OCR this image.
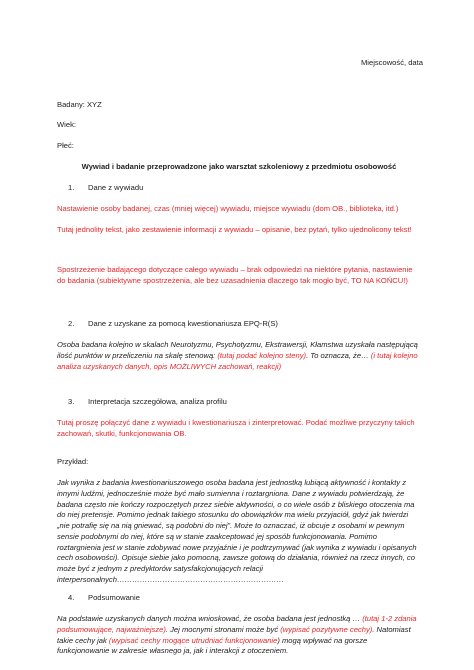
Miejscowość, data
Badany: XYZ
Wiek:
Płeć:
Wywiad i badanie przeprowadzone jako warsztat szkoleniowy z przedmiotu osobowość
1. Dane z wywiadu

Nastawienie osoby badanej, czas (mniej więcej) wywiadu, miejsce wywiadu (dom OB., biblioteka, itd.)

Tutaj jednolity tekst, jako zestawienie informacji z wywiadu – opisanie, bez pytań, tylko ujednolicony tekst!

Spostrzeżenie badającego dotyczące całego wywiadu – brak odpowiedzi na niektóre pytania, nastawienie do badania (subiektywne spostrzeżenia, ale bez uzasadnienia dlaczego tak mogło być, TO NA KOŃCU!)

2. Dane z uzyskane za pomocą kwestionariusza EPQ-R(S)

Osoba badana kolejno w skalach Neurotyzmu, Psychotyzmu, Ekstrawersji, Kłamstwa uzyskała następującą ilość punktów w przeliczeniu na skalę stenową: (tutaj podać kolejno steny). To oznacza, że… (i tutaj kolejno analiza uzyskanych danych, opis MOŻLIWYCH zachowań, reakcji)

3. Interpretacja szczegółowa, analiza profilu

Tutaj proszę połączyć dane z wywiadu i kwestionariusza i zinterpretować. Podać możliwe przyczyny takich zachowań, skutki, funkcjonowania OB.

Przykład:

Jak wynika z badania kwestionariuszowego osoba badana jest jednostką lubiącą aktywność i kontakty z innymi ludźmi, jednocześnie może być mało sumienna i roztargniona. Dane z wywiadu potwierdzają, że badana często nie kończy rozpoczętych przez siebie aktywności, o co wiele osób z bliskiego otoczenia ma do niej pretensje. Pomimo jednak takiego stosunku do obowiązków ma wielu przyjaciół, gdyż jak twierdzi „nie potrafię się na nią gniewać, są podobni do niej”. Może to oznaczać, iż obcuje z osobami w pewnym sensie podobnymi do niej, które są w stanie zaakceptować jej sposób funkcjonowania. Pomimo roztargnienia jest w stanie zdobywać nowe przyjaźnie i je podtrzymywać (jak wynika z wywiadu i opisanych cech osobowości). Opisuje siebie jako pomocną, zawsze gotową do działania, również na rzecz innych, co może być z jednym z predyktorów satysfakcjonujących relacji interpersonalnych…………………………………………………………

4. Podsumowanie

Na podstawie uzyskanych danych można wnioskować, że osoba badana jest jednostką … (tutaj 1-2 zdania podsumowujące, najważniejsze). Jej mocnymi stronami może być (wypisać pozytywne cechy). Natomiast takie cechy jak (wypisać cechy mogące utrudniać funkcjonowanie) mogą wpływać na gorsze funkcjonowanie w zakresie własnego ja, jak i interakcji z otoczeniem.
